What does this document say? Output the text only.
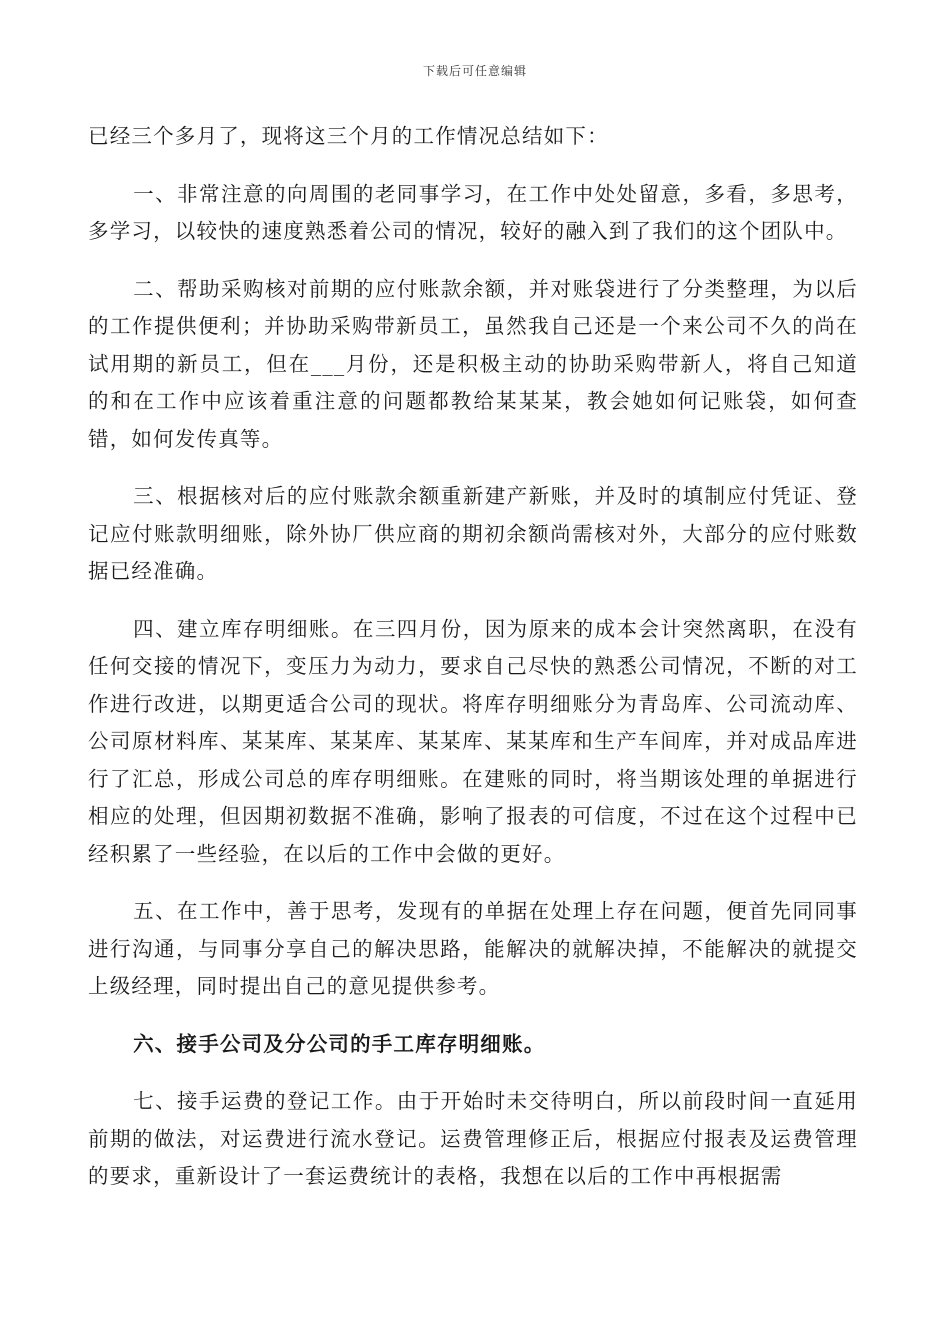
下载后可任意编辑

已经三个多月了，现将这三个月的工作情况总结如下：

一、非常注意的向周围的老同事学习，在工作中处处留意，多看，多思考，多学习，以较快的速度熟悉着公司的情况，较好的融入到了我们的这个团队中。

二、帮助采购核对前期的应付账款余额，并对账袋进行了分类整理，为以后的工作提供便利；并协助采购带新员工，虽然我自己还是一个来公司不久的尚在试用期的新员工，但在___月份，还是积极主动的协助采购带新人，将自己知道的和在工作中应该着重注意的问题都教给某某某，教会她如何记账袋，如何查错，如何发传真等。

三、根据核对后的应付账款余额重新建产新账，并及时的填制应付凭证、登记应付账款明细账，除外协厂供应商的期初余额尚需核对外，大部分的应付账数据已经准确。

四、建立库存明细账。在三四月份，因为原来的成本会计突然离职，在没有任何交接的情况下，变压力为动力，要求自己尽快的熟悉公司情况，不断的对工作进行改进，以期更适合公司的现状。将库存明细账分为青岛库、公司流动库、公司原材料库、某某库、某某库、某某库、某某库和生产车间库，并对成品库进行了汇总，形成公司总的库存明细账。在建账的同时，将当期该处理的单据进行相应的处理，但因期初数据不准确，影响了报表的可信度，不过在这个过程中已经积累了一些经验，在以后的工作中会做的更好。

五、在工作中，善于思考，发现有的单据在处理上存在问题，便首先同同事进行沟通，与同事分享自己的解决思路，能解决的就解决掉，不能解决的就提交上级经理，同时提出自己的意见提供参考。

六、接手公司及分公司的手工库存明细账。

七、接手运费的登记工作。由于开始时未交待明白，所以前段时间一直延用前期的做法，对运费进行流水登记。运费管理修正后，根据应付报表及运费管理的要求，重新设计了一套运费统计的表格，我想在以后的工作中再根据需
